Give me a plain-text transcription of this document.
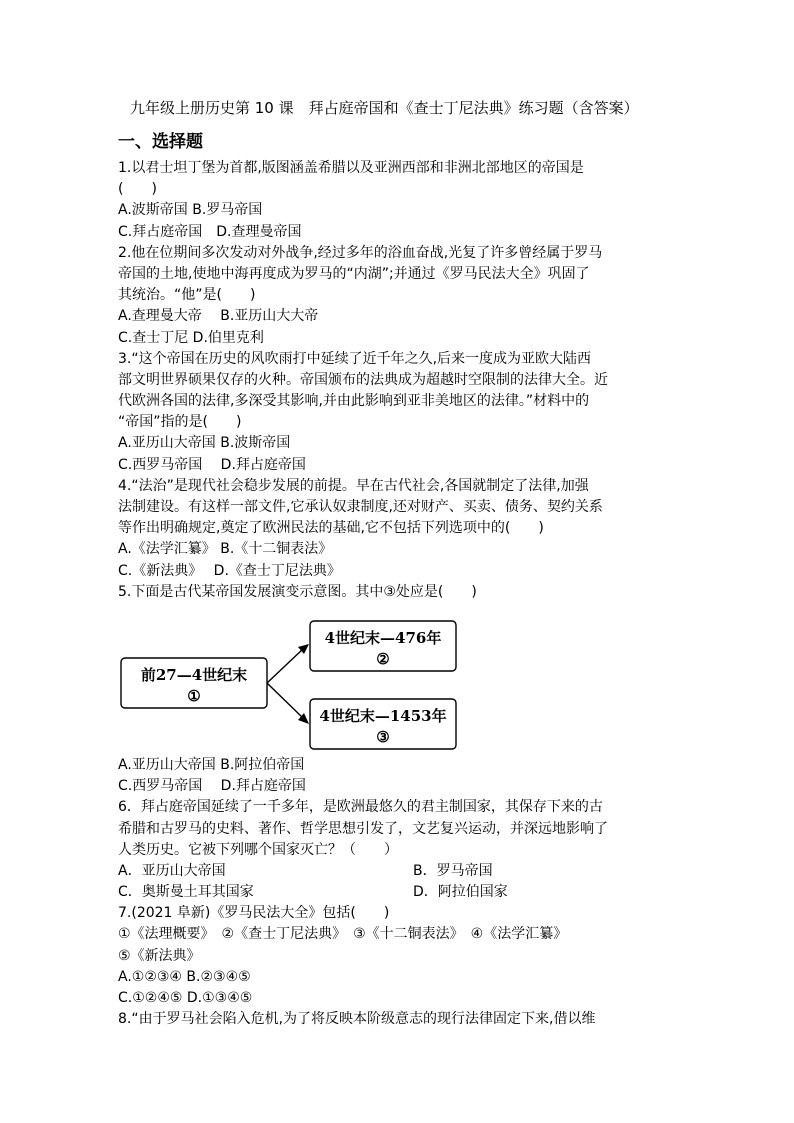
九年级上册历史第 10 课　拜占庭帝国和《查士丁尼法典》练习题（含答案）
一、选择题
1.以君士坦丁堡为首都,版图涵盖希腊以及亚洲西部和非洲北部地区的帝国是
(　　)
A.波斯帝国 B.罗马帝国
C.拜占庭帝国　D.查理曼帝国
2.他在位期间多次发动对外战争,经过多年的浴血奋战,光复了许多曾经属于罗马
帝国的土地,使地中海再度成为罗马的“内湖”;并通过《罗马民法大全》巩固了
其统治。“他”是(　　)
A.查理曼大帝　 B.亚历山大大帝
C.查士丁尼 D.伯里克利
3.“这个帝国在历史的风吹雨打中延续了近千年之久,后来一度成为亚欧大陆西
部文明世界硕果仅存的火种。帝国颁布的法典成为超越时空限制的法律大全。近
代欧洲各国的法律,多深受其影响,并由此影响到亚非美地区的法律。”材料中的
“帝国”指的是(　　)
A.亚历山大帝国 B.波斯帝国
C.西罗马帝国　 D.拜占庭帝国
4.“法治”是现代社会稳步发展的前提。早在古代社会,各国就制定了法律,加强
法制建设。有这样一部文件,它承认奴隶制度,还对财产、买卖、债务、契约关系
等作出明确规定,奠定了欧洲民法的基础,它不包括下列选项中的(　　)
A.《法学汇纂》 B.《十二铜表法》
C.《新法典》　 D.《查士丁尼法典》
5.下面是古代某帝国发展演变示意图。其中③处应是(　　)
前27—4世纪末
①
4世纪末—476年
②
4世纪末—1453年
③
A.亚历山大帝国 B.阿拉伯帝国
C.西罗马帝国　 D.拜占庭帝国
6．拜占庭帝国延续了一千多年，是欧洲最悠久的君主制国家，其保存下来的古
希腊和古罗马的史料、著作、哲学思想引发了，文艺复兴运动，并深远地影响了
人类历史。它被下列哪个国家灭亡？（　　）
A．亚历山大帝国	B．罗马帝国
C．奥斯曼土耳其国家	D．阿拉伯国家
7.(2021 阜新)《罗马民法大全》包括(　　)
①《法理概要》　②《查士丁尼法典》　③《十二铜表法》　④《法学汇纂》
⑤《新法典》
A.①②③④ B.②③④⑤
C.①②④⑤ D.①③④⑤
8.“由于罗马社会陷入危机,为了将反映本阶级意志的现行法律固定下来,借以维
